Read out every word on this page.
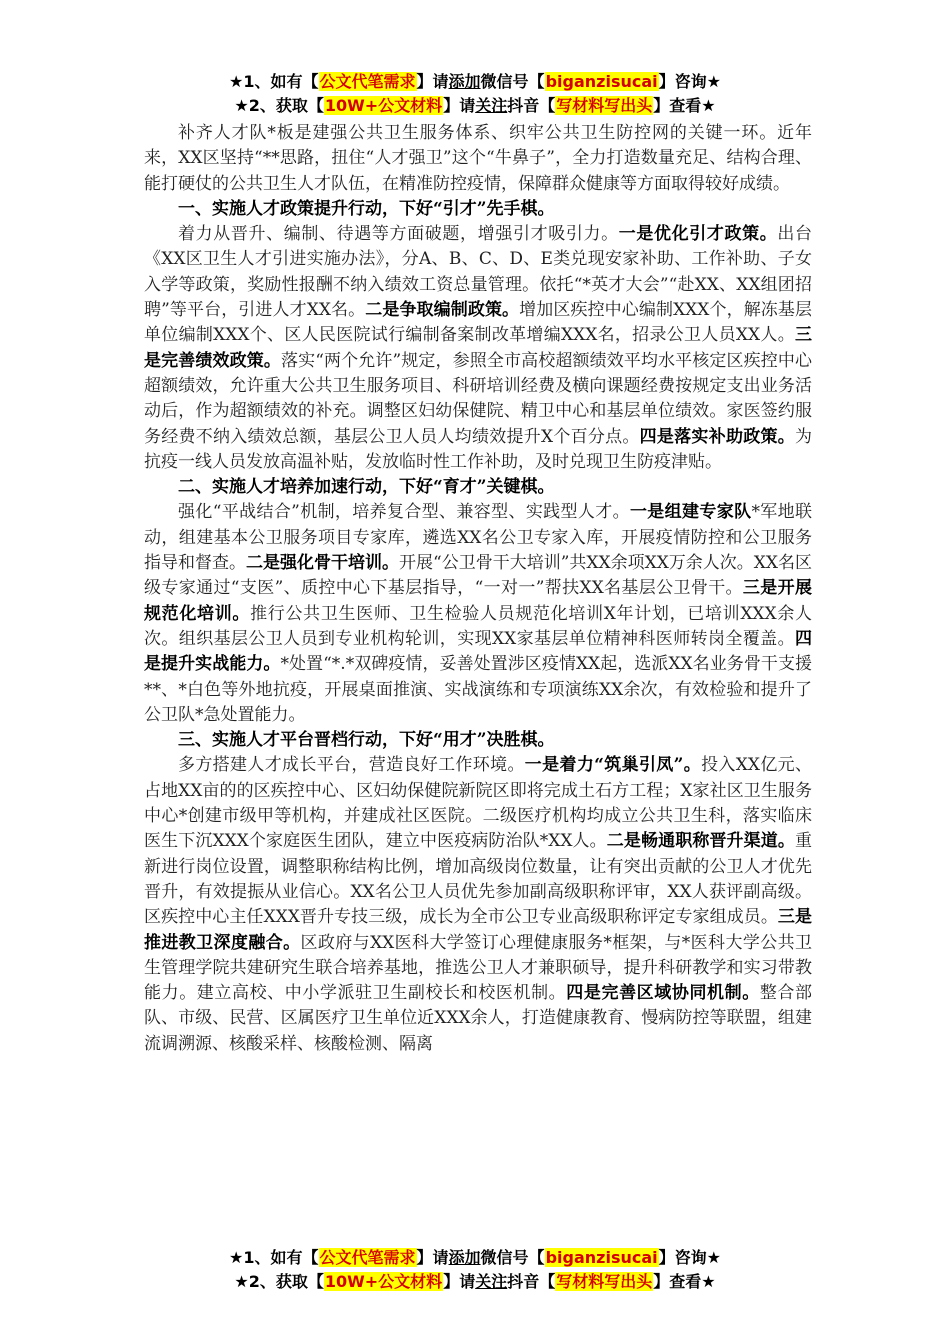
★1、如有【公文代笔需求】请添加微信号【biganzisucai】咨询★
★2、获取【10W+公文材料】请关注抖音【写材料写出头】查看★

补齐人才队*板是建强公共卫生服务体系、织牢公共卫生防控网的关键一环。近年来，XX区坚持“**思路，扭住“人才强卫”这个“牛鼻子”，全力打造数量充足、结构合理、能打硬仗的公共卫生人才队伍，在精准防控疫情，保障群众健康等方面取得较好成绩。

一、实施人才政策提升行动，下好“引才”先手棋。

着力从晋升、编制、待遇等方面破题，增强引才吸引力。一是优化引才政策。出台《XX区卫生人才引进实施办法》，分A、B、C、D、E类兑现安家补助、工作补助、子女入学等政策，奖励性报酬不纳入绩效工资总量管理。依托“*英才大会”“赴XX、XX组团招聘”等平台，引进人才XX名。二是争取编制政策。增加区疾控中心编制XXX个，解冻基层单位编制XXX个、区人民医院试行编制备案制改革增编XXX名，招录公卫人员XX人。三是完善绩效政策。落实“两个允许”规定，参照全市高校超额绩效平均水平核定区疾控中心超额绩效，允许重大公共卫生服务项目、科研培训经费及横向课题经费按规定支出业务活动后，作为超额绩效的补充。调整区妇幼保健院、精卫中心和基层单位绩效。家医签约服务经费不纳入绩效总额，基层公卫人员人均绩效提升X个百分点。四是落实补助政策。为抗疫一线人员发放高温补贴，发放临时性工作补助，及时兑现卫生防疫津贴。

二、实施人才培养加速行动，下好“育才”关键棋。

强化“平战结合”机制，培养复合型、兼容型、实践型人才。一是组建专家队*军地联动，组建基本公卫服务项目专家库，遴选XX名公卫专家入库，开展疫情防控和公卫服务指导和督查。二是强化骨干培训。开展“公卫骨干大培训”共XX余项XX万余人次。XX名区级专家通过“支医”、质控中心下基层指导，“一对一”帮扶XX名基层公卫骨干。三是开展规范化培训。推行公共卫生医师、卫生检验人员规范化培训X年计划，已培训XXX余人次。组织基层公卫人员到专业机构轮训，实现XX家基层单位精神科医师转岗全覆盖。四是提升实战能力。*处置“*.*双碑疫情，妥善处置涉区疫情XX起，选派XX名业务骨干支援**、*白色等外地抗疫，开展桌面推演、实战演练和专项演练XX余次，有效检验和提升了公卫队*急处置能力。

三、实施人才平台晋档行动，下好“用才”决胜棋。

多方搭建人才成长平台，营造良好工作环境。一是着力“筑巢引凤”。投入XX亿元、占地XX亩的的区疾控中心、区妇幼保健院新院区即将完成土石方工程；X家社区卫生服务中心*创建市级甲等机构，并建成社区医院。二级医疗机构均成立公共卫生科，落实临床医生下沉XXX个家庭医生团队，建立中医疫病防治队*XX人。二是畅通职称晋升渠道。重新进行岗位设置，调整职称结构比例，增加高级岗位数量，让有突出贡献的公卫人才优先晋升，有效提振从业信心。XX名公卫人员优先参加副高级职称评审，XX人获评副高级。区疾控中心主任XXX晋升专技三级，成长为全市公卫专业高级职称评定专家组成员。三是推进教卫深度融合。区政府与XX医科大学签订心理健康服务*框架，与*医科大学公共卫生管理学院共建研究生联合培养基地，推选公卫人才兼职硕导，提升科研教学和实习带教能力。建立高校、中小学派驻卫生副校长和校医机制。四是完善区域协同机制。整合部队、市级、民营、区属医疗卫生单位近XXX余人，打造健康教育、慢病防控等联盟，组建流调溯源、核酸采样、核酸检测、隔离

★1、如有【公文代笔需求】请添加微信号【biganzisucai】咨询★
★2、获取【10W+公文材料】请关注抖音【写材料写出头】查看★
